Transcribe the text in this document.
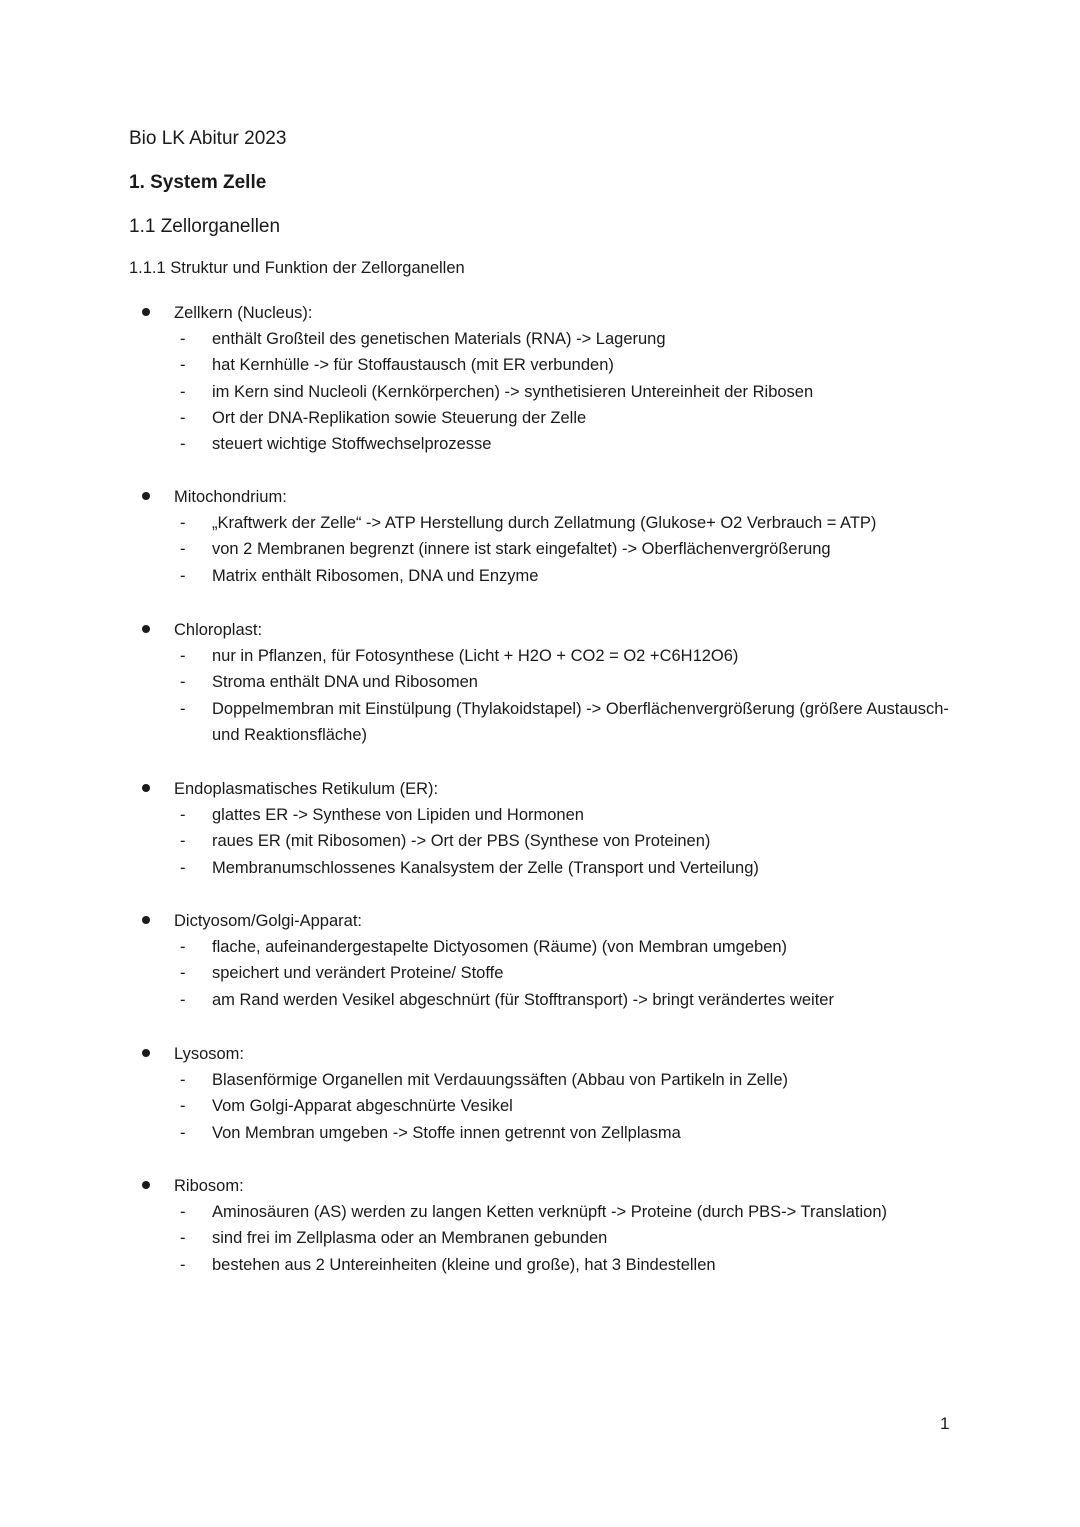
Bio LK Abitur 2023
1. System Zelle
1.1 Zellorganellen
1.1.1 Struktur und Funktion der Zellorganellen
Zellkern (Nucleus):
- enthält Großteil des genetischen Materials (RNA) -> Lagerung
- hat Kernhülle -> für Stoffaustausch (mit ER verbunden)
- im Kern sind Nucleoli (Kernkörperchen) -> synthetisieren Untereinheit der Ribosen
- Ort der DNA-Replikation sowie Steuerung der Zelle
- steuert wichtige Stoffwechselprozesse
Mitochondrium:
- „Kraftwerk der Zelle“ -> ATP Herstellung durch Zellatmung (Glukose+ O2 Verbrauch = ATP)
- von 2 Membranen begrenzt (innere ist stark eingefaltet) -> Oberflächenvergrößerung
- Matrix enthält Ribosomen, DNA und Enzyme
Chloroplast:
- nur in Pflanzen, für Fotosynthese (Licht + H2O + CO2 = O2 +C6H12O6)
- Stroma enthält DNA und Ribosomen
- Doppelmembran mit Einstülpung (Thylakoidstapel) -> Oberflächenvergrößerung (größere Austausch- und Reaktionsfläche)
Endoplasmatisches Retikulum (ER):
- glattes ER -> Synthese von Lipiden und Hormonen
- raues ER (mit Ribosomen) -> Ort der PBS (Synthese von Proteinen)
- Membranumschlossenes Kanalsystem der Zelle (Transport und Verteilung)
Dictyosom/Golgi-Apparat:
- flache, aufeinandergestapelte Dictyosomen (Räume) (von Membran umgeben)
- speichert und verändert Proteine/ Stoffe
- am Rand werden Vesikel abgeschnürt (für Stofftransport) -> bringt verändertes weiter
Lysosom:
- Blasenförmige Organellen mit Verdauungssäften (Abbau von Partikeln in Zelle)
- Vom Golgi-Apparat abgeschnürte Vesikel
- Von Membran umgeben -> Stoffe innen getrennt von Zellplasma
Ribosom:
- Aminosäuren (AS) werden zu langen Ketten verknüpft -> Proteine (durch PBS-> Translation)
- sind frei im Zellplasma oder an Membranen gebunden
- bestehen aus 2 Untereinheiten (kleine und große), hat 3 Bindestellen
1
